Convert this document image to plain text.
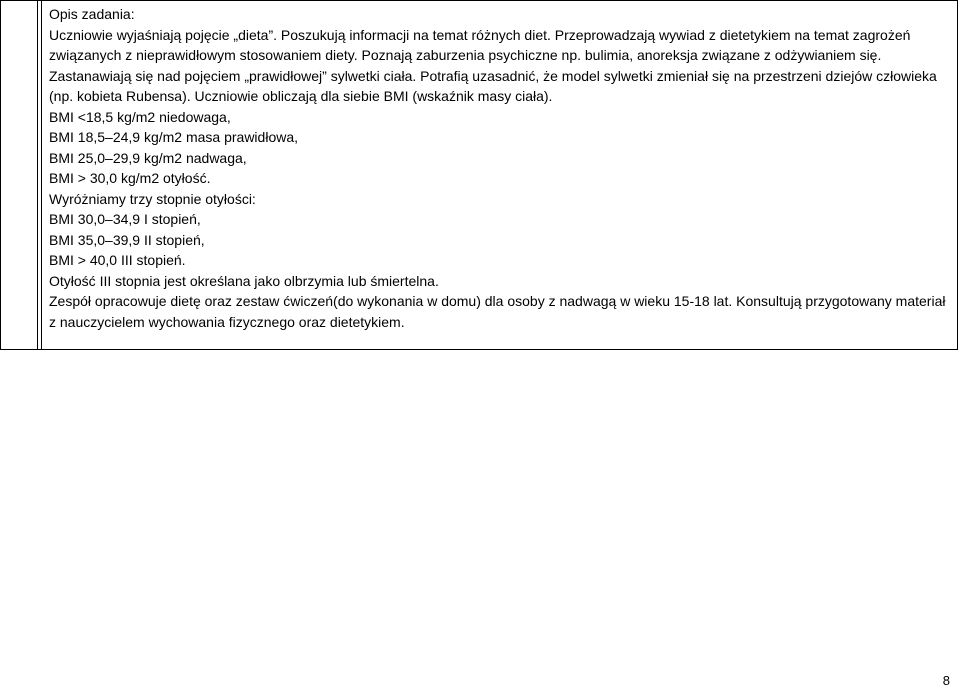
Opis zadania:

Uczniowie wyjaśniają pojęcie „dieta”. Poszukują informacji na temat różnych diet. Przeprowadzają wywiad z dietetykiem na temat zagrożeń związanych z nieprawidłowym stosowaniem diety. Poznają zaburzenia psychiczne np. bulimia, anoreksja związane z odżywianiem się. Zastanawiają się nad pojęciem „prawidłowej” sylwetki ciała. Potrafią uzasadnić, że model sylwetki zmieniał się na przestrzeni dziejów człowieka (np. kobieta Rubensa). Uczniowie obliczają dla siebie BMI (wskaźnik masy ciała).

BMI <18,5 kg/m2 niedowaga,

BMI 18,5–24,9 kg/m2 masa prawidłowa,

BMI 25,0–29,9 kg/m2 nadwaga,

BMI > 30,0 kg/m2 otyłość.

Wyróżniamy trzy stopnie otyłości:

BMI 30,0–34,9 I stopień,

BMI 35,0–39,9 II stopień,

BMI > 40,0 III stopień.

Otyłość III stopnia jest określana jako olbrzymia lub śmiertelna.

Zespół opracowuje dietę oraz zestaw ćwiczeń(do wykonania w domu) dla osoby z nadwagą w wieku 15-18 lat. Konsultują przygotowany materiał z nauczycielem wychowania fizycznego oraz dietetykiem.

8
